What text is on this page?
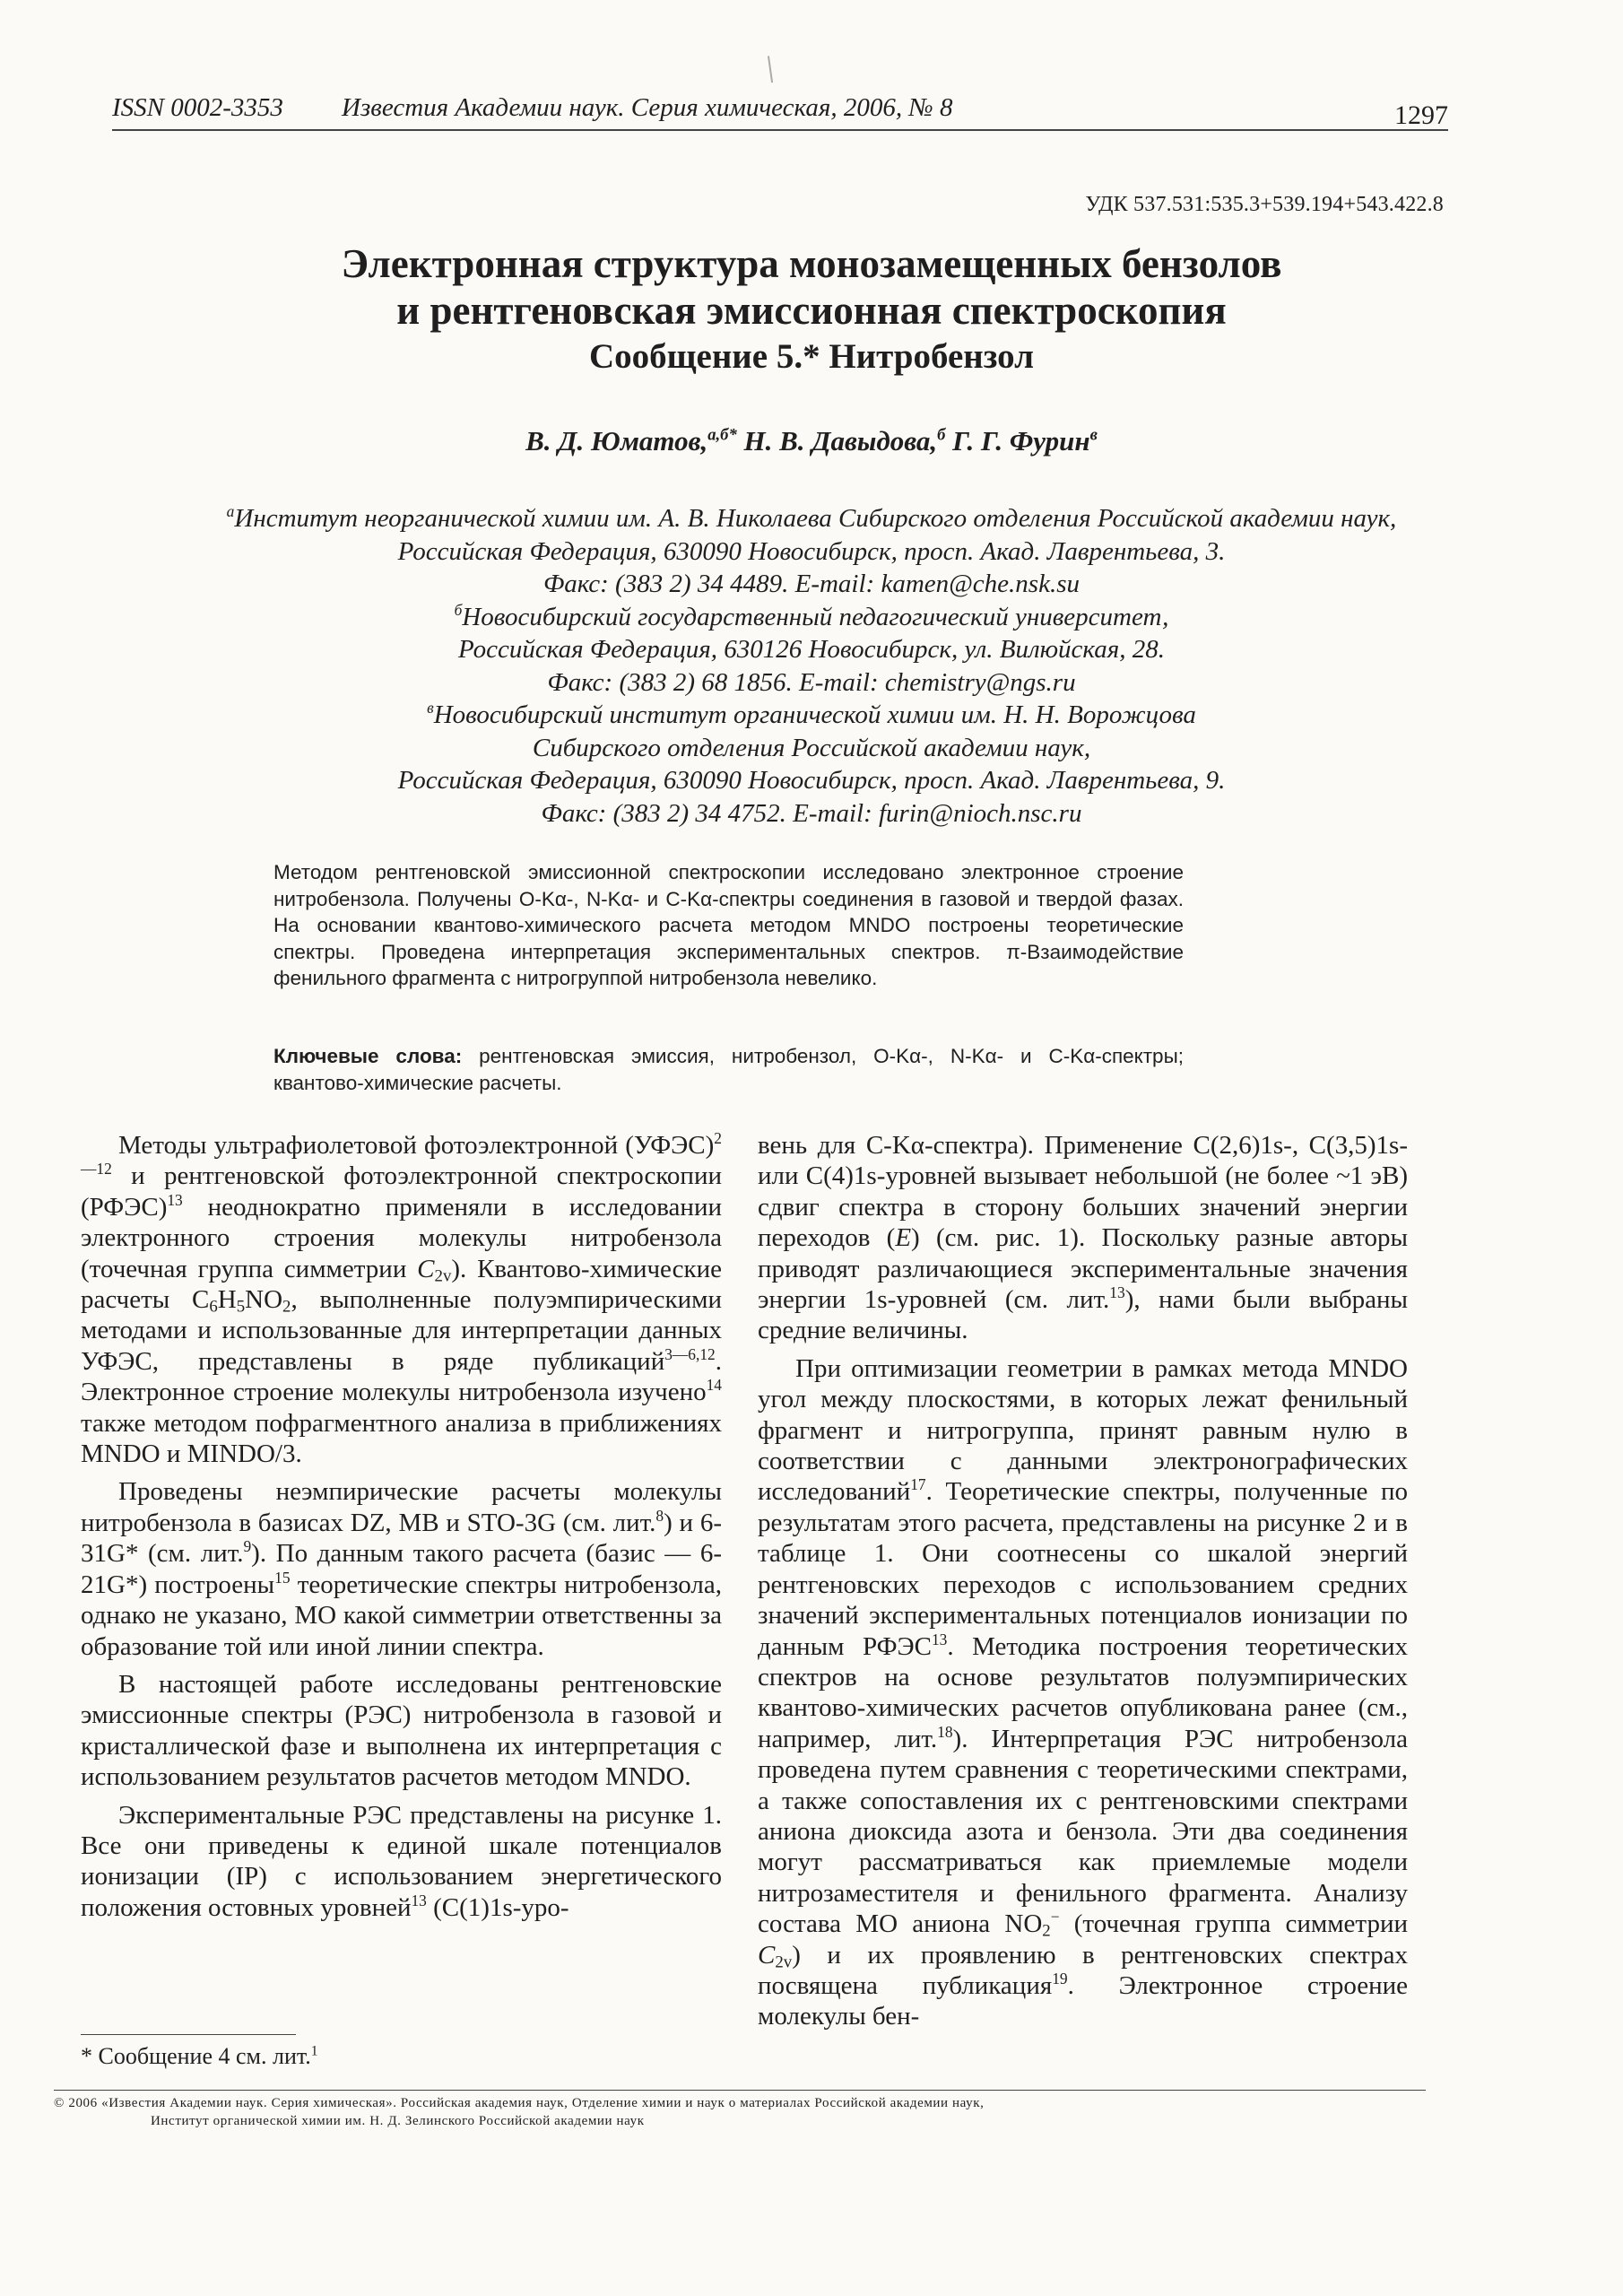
ISSN 0002-3353 Известия Академии наук. Серия химическая, 2006, № 8	1297
УДК 537.531:535.3+539.194+543.422.8
Электронная структура монозамещенных бензолов
и рентгеновская эмиссионная спектроскопия
Сообщение 5.* Нитробензол
В. Д. Юматов,$^{а,б*}$ Н. В. Давыдова,$^б$ Г. Г. Фурин$^в$
$^а$Институт неорганической химии им. А. В. Николаева Сибирского отделения Российской академии наук,
Российская Федерация, 630090 Новосибирск, просп. Акад. Лаврентьева, 3.
Факс: (383 2) 34 4489. E-mail: kamen@che.nsk.su
$^б$Новосибирский государственный педагогический университет,
Российская Федерация, 630126 Новосибирск, ул. Вилюйская, 28.
Факс: (383 2) 68 1856. E-mail: chemistry@ngs.ru
$^в$Новосибирский институт органической химии им. Н. Н. Ворожцова
Сибирского отделения Российской академии наук,
Российская Федерация, 630090 Новосибирск, просп. Акад. Лаврентьева, 9.
Факс: (383 2) 34 4752. E-mail: furin@nioch.nsc.ru
Методом рентгеновской эмиссионной спектроскопии исследовано электронное строение нитробензола. Получены O-Kα-, N-Kα- и C-Kα-спектры соединения в газовой и твердой фазах. На основании квантово-химического расчета методом MNDO построены теоретические спектры. Проведена интерпретация экспериментальных спектров. π-Взаимодействие фенильного фрагмента с нитрогруппой нитробензола невелико.
Ключевые слова: рентгеновская эмиссия, нитробензол, O-Kα-, N-Kα- и C-Kα-спектры; квантово-химические расчеты.

Методы ультрафиолетовой фотоэлектронной (УФЭС)$^{2—12}$ и рентгеновской фотоэлектронной спектроскопии (РФЭС)$^{13}$ неоднократно применяли в исследовании электронного строения молекулы нитробензола (точечная группа симметрии $C_{2v}$). Квантово-химические расчеты $C_6H_5NO_2$, выполненные полуэмпирическими методами и использованные для интерпретации данных УФЭС, представлены в ряде публикаций$^{3—6,12}$. Электронное строение молекулы нитробензола изучено$^{14}$ также методом пофрагментного анализа в приближениях MNDO и MINDO/3.

Проведены неэмпирические расчеты молекулы нитробензола в базисах DZ, MB и STO-3G (см. лит.$^8$) и 6-31G* (см. лит.$^9$). По данным такого расчета (базис — 6-21G*) построены$^{15}$ теоретические спектры нитробензола, однако не указано, МО какой симметрии ответственны за образование той или иной линии спектра.

В настоящей работе исследованы рентгеновские эмиссионные спектры (РЭС) нитробензола в газовой и кристаллической фазе и выполнена их интерпретация с использованием результатов расчетов методом MNDO.

Экспериментальные РЭС представлены на рисунке 1. Все они приведены к единой шкале потенциалов ионизации (IP) с использованием энергетического положения остовных уровней$^{13}$ (C(1)1s-уро-

вень для C-Kα-спектра). Применение C(2,6)1s-, C(3,5)1s- или C(4)1s-уровней вызывает небольшой (не более ~1 эВ) сдвиг спектра в сторону больших значений энергии переходов (E) (см. рис. 1). Поскольку разные авторы приводят различающиеся экспериментальные значения энергии 1s-уровней (см. лит.$^{13}$), нами были выбраны средние величины.

При оптимизации геометрии в рамках метода MNDO угол между плоскостями, в которых лежат фенильный фрагмент и нитрогруппа, принят равным нулю в соответствии с данными электронографических исследований$^{17}$. Теоретические спектры, полученные по результатам этого расчета, представлены на рисунке 2 и в таблице 1. Они соотнесены со шкалой энергий рентгеновских переходов с использованием средних значений экспериментальных потенциалов ионизации по данным РФЭС$^{13}$. Методика построения теоретических спектров на основе результатов полуэмпирических квантово-химических расчетов опубликована ранее (см., например, лит.$^{18}$). Интерпретация РЭС нитробензола проведена путем сравнения с теоретическими спектрами, а также сопоставления их с рентгеновскими спектрами аниона диоксида азота и бензола. Эти два соединения могут рассматриваться как приемлемые модели нитрозаместителя и фенильного фрагмента. Анализу состава МО аниона $NO_2^-$ (точечная группа симметрии $C_{2v}$) и их проявлению в рентгеновских спектрах посвящена публикация$^{19}$. Электронное строение молекулы бен-

* Сообщение 4 см. лит.$^1$
© 2006 «Известия Академии наук. Серия химическая». Российская академия наук, Отделение химии и наук о материалах Российской академии наук,
Институт органической химии им. Н. Д. Зелинского Российской академии наук
